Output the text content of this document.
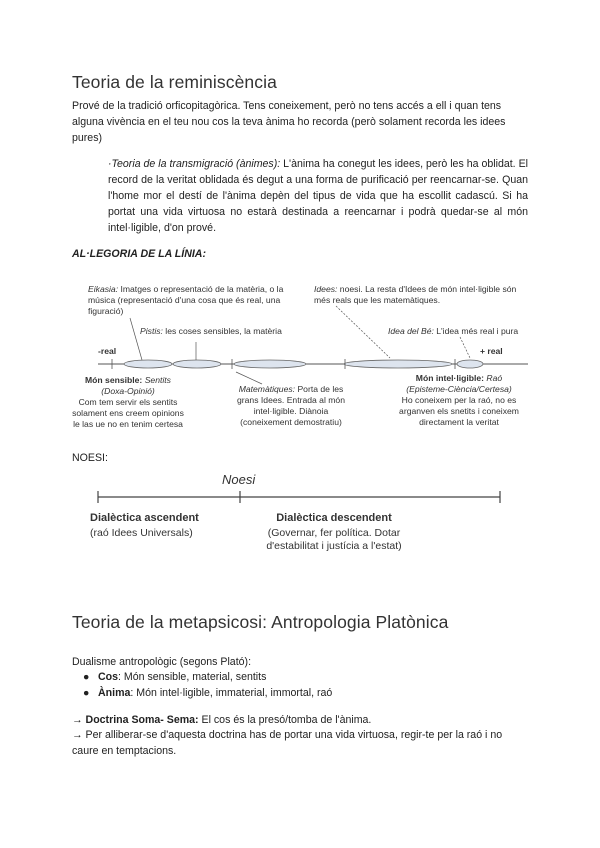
Teoria de la reminiscència
Prové de la tradició orficopitagòrica. Tens coneixement, però no tens accés a ell i quan tens alguna vivència en el teu nou cos la teva ànima ho recorda (però solament recorda les idees pures)
·Teoria de la transmigració (ànimes): L'ànima ha conegut les idees, però les ha oblidat. El record de la veritat oblidada és degut a una forma de purificació per reencarnar-se. Quan l'home mor el destí de l'ànima depèn del tipus de vida que ha escollit cadascú. Si ha portat una vida virtuosa no estarà destinada a reencarnar i podrà quedar-se al món intel·ligible, d'on prové.
AL·LEGORIA DE LA LÍNIA:
Eikasia: Imatges o representació de la matèria, o la música (representació d'una cosa que és real, una figuració)
Pistis: les coses sensibles, la matèria
Idees: noesi. La resta d'Idees de món intel·ligible són més reals que les matemàtiques.
Idea del Bé: L'idea més real i pura
-real	+ real
Món sensible: Sentits
(Doxa-Opinió)
Com tem servir els sentits solament ens creem opinions le las ue no en tenim certesa
Matemàtiques: Porta de les grans Idees. Entrada al món intel·ligible. Diànoia (coneixement demostratiu)
Món intel·ligible: Raó
(Episteme-Ciència/Certesa)
Ho coneixem per la raó, no es arganven els snetits i coneixem directament la veritat
NOESI:
Noesi
Dialèctica ascendent
(raó Idees Universals)
Dialèctica descendent
(Governar, fer política. Dotar d'estabilitat i justícia a l'estat)
Teoria de la metapsicosi: Antropologia Platònica
Dualisme antropològic (segons Plató):
● Cos: Món sensible, material, sentits
● Ànima: Món intel·ligible, immaterial, immortal, raó
→ Doctrina Soma- Sema: El cos és la presó/tomba de l'ànima.
→ Per alliberar-se d'aquesta doctrina has de portar una vida virtuosa, regir-te per la raó i no caure en temptacions.
